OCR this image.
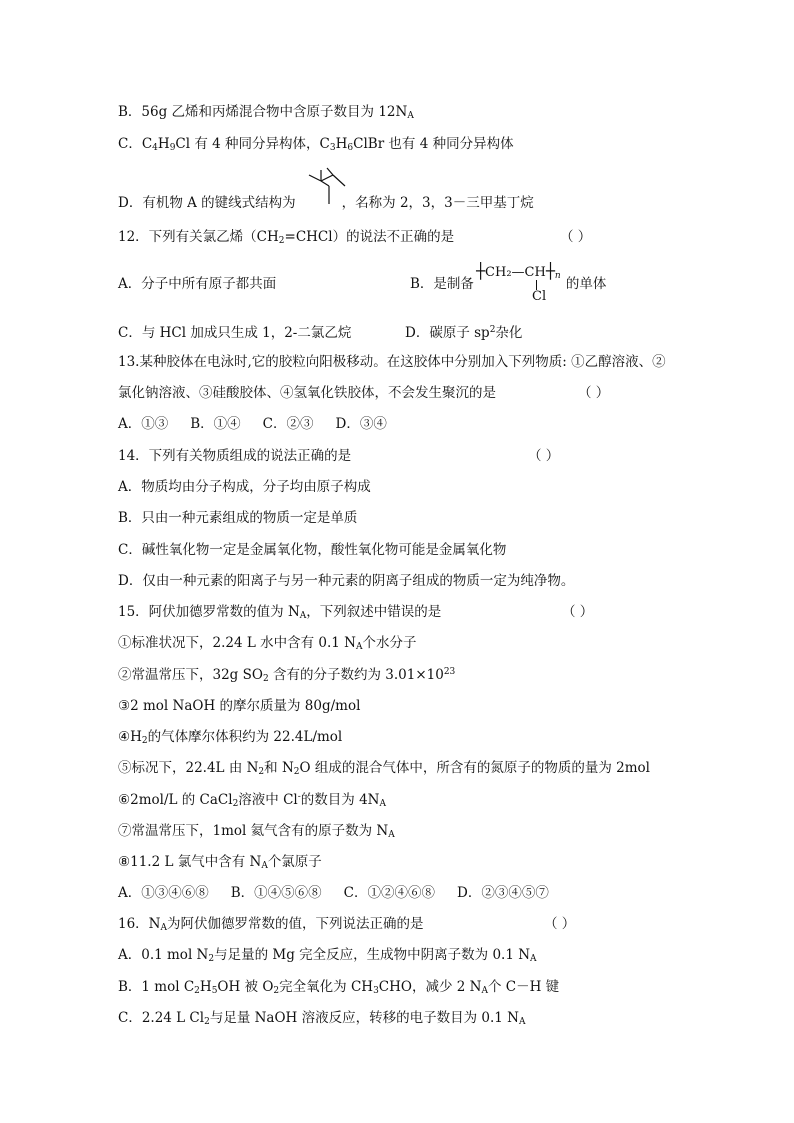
B．56g 乙烯和丙烯混合物中含原子数目为 $12N_A$
C．$C_4H_9Cl$ 有 4 种同分异构体，$C_3H_6ClBr$ 也有 4 种同分异构体
D．有机物 A 的键线式结构为	，名称为 2，3，3－三甲基丁烷
12．下列有关氯乙烯$(CH_2=CHCl)$的说法不正确的是	（ ）
A．分子中所有原子都共面	B．是制备	的单体
$┼CH_2—CH┼_n$
Cl
C．与 HCl 加成只生成 1，2-二氯乙烷	D．碳原子 $sp^2$杂化
13.某种胶体在电泳时,它的胶粒向阳极移动。在这胶体中分别加入下列物质: ①乙醇溶液、②
氯化钠溶液、③硅酸胶体、④氢氧化铁胶体，不会发生聚沉的是	（ ）
A．①③ B．①④ C．②③ D．③④
14．下列有关物质组成的说法正确的是	（ ）
A．物质均由分子构成，分子均由原子构成
B．只由一种元素组成的物质一定是单质
C．碱性氧化物一定是金属氧化物，酸性氧化物可能是金属氧化物
D．仅由一种元素的阳离子与另一种元素的阴离子组成的物质一定为纯净物。
15．阿伏加德罗常数的值为 $N_A$，下列叙述中错误的是	（ ）
①标准状况下，2.24 L 水中含有 0.1 $N_A$个水分子
②常温常压下，32g $SO_2$ 含有的分子数约为 $3.01\times 10^{23}$
③2 mol NaOH 的摩尔质量为 80g/mol
$④H_2$的气体摩尔体积约为 22.4L/mol
⑤标况下，22.4L 由 $N_2$和 $N_2O$ 组成的混合气体中，所含有的氮原子的物质的量为 2mol
⑥2mol/L 的 CaCl$_2$溶液中 Cl-的数目为 $4N_A$
⑦常温常压下，1mol 氦气含有的原子数为 $N_A$
⑧11.2 L 氯气中含有 $N_A$个氯原子
A．①③④⑥⑧ B．①④⑤⑥⑧ C．①②④⑥⑧ D．②③④⑤⑦
16．$N_A$为阿伏伽德罗常数的值，下列说法正确的是	（ ）
A．0.1 mol $N_2$与足量的 Mg 完全反应，生成物中阴离子数为 0.1 $N_A$
B．1 mol $C_2H_5OH$ 被 $O_2$完全氧化为 $CH_3CHO$，减少 2 $N_A$个 C－H 键
C．2.24 L $Cl_2$与足量 NaOH 溶液反应，转移的电子数目为 0.1 $N_A$
